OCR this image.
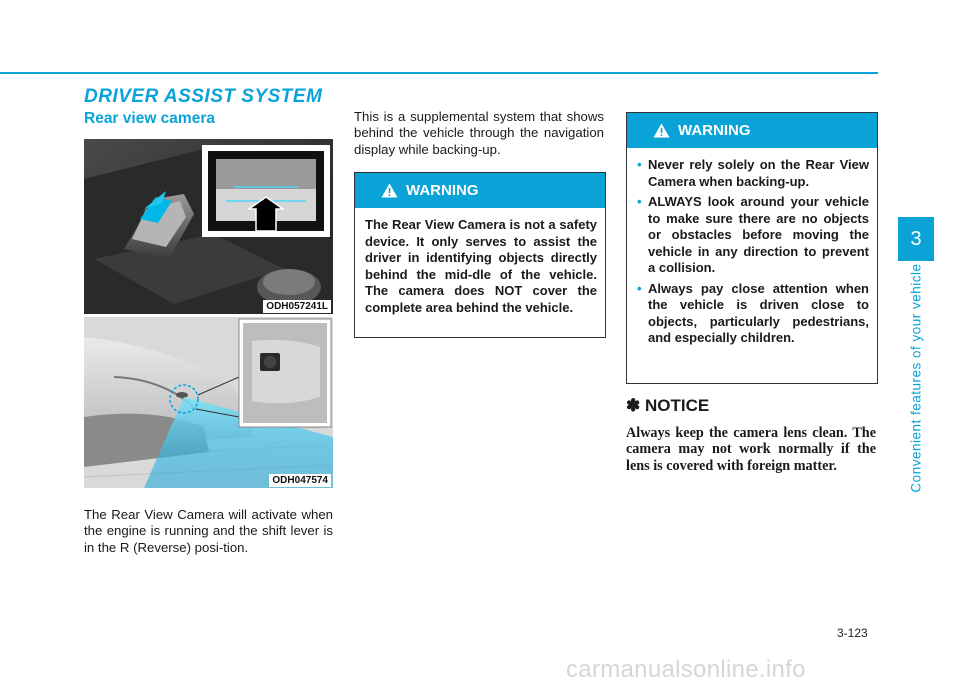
DRIVER ASSIST SYSTEM
Rear view camera
ODH057241L
ODH047574

The Rear View Camera will activate when the engine is running and the shift lever is in the R (Reverse) posi-tion.

This is a supplemental system that shows behind the vehicle through the navigation display while backing-up.

WARNING
The Rear View Camera is not a safety device. It only serves to assist the driver in identifying objects directly behind the mid-dle of the vehicle. The camera does NOT cover the complete area behind the vehicle.
WARNING
• Never rely solely on the Rear View Camera when backing-up.
• ALWAYS look around your vehicle to make sure there are no objects or obstacles before moving the vehicle in any direction to prevent a collision.
• Always pay close attention when the vehicle is driven close to objects, particularly pedestrians, and especially children.
✽ NOTICE

Always keep the camera lens clean. The camera may not work normally if the lens is covered with foreign matter.

3
Convenient features of your vehicle
3-123
carmanualsonline.info
